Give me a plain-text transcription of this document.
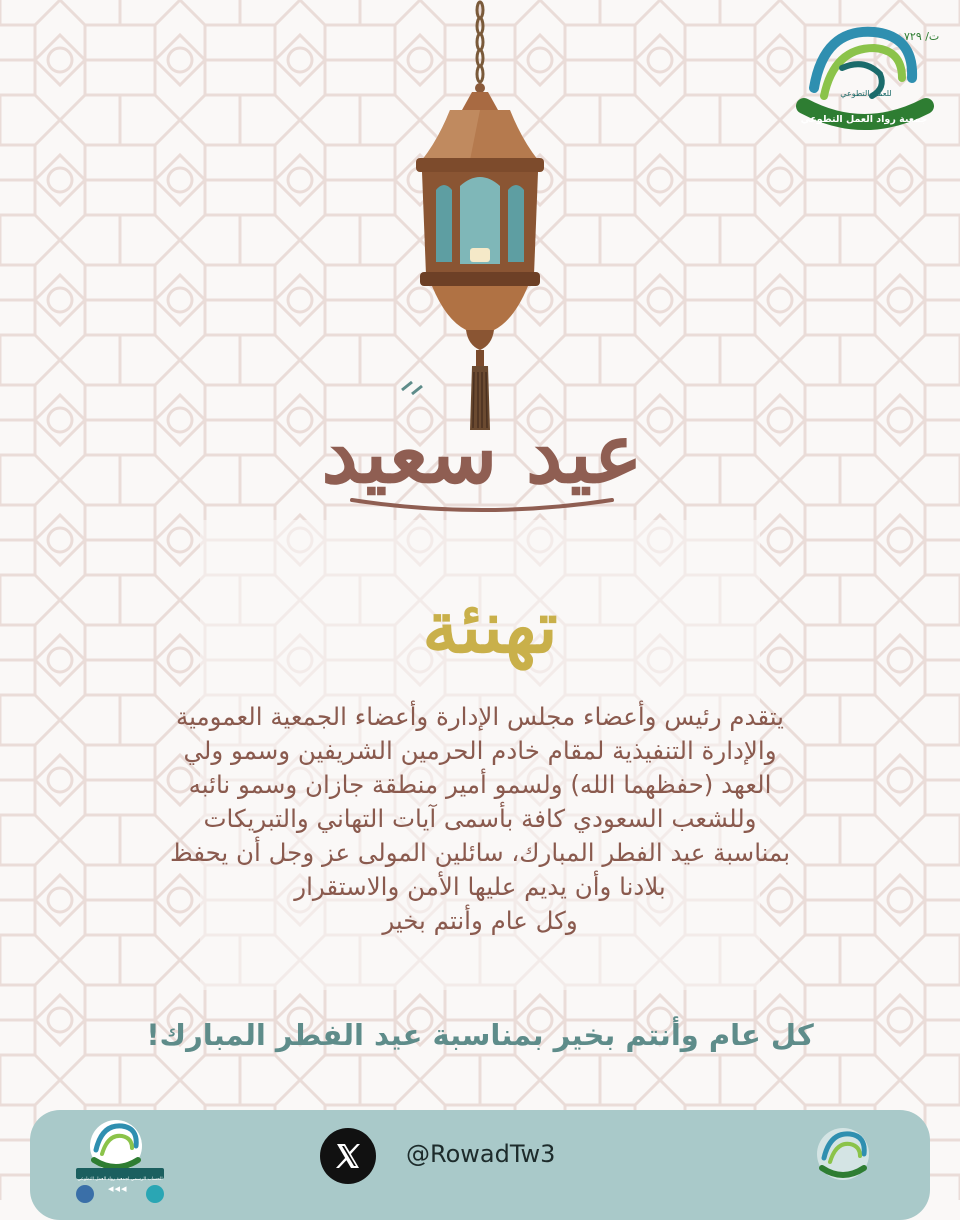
ت/ ٧٢٩
جمعية رواد العمل التطوعي
للعمل التطوعي
عيد سعيد
تهنئة
يتقدم رئيس وأعضاء مجلس الإدارة وأعضاء الجمعية العمومية
والإدارة التنفيذية لمقام خادم الحرمين الشريفين وسمو ولي
العهد (حفظهما الله) ولسمو أمير منطقة جازان وسمو نائبه
وللشعب السعودي كافة بأسمى آيات التهاني والتبريكات
بمناسبة عيد الفطر المبارك، سائلين المولى عز وجل أن يحفظ
بلادنا وأن يديم عليها الأمن والاستقرار
وكل عام وأنتم بخير
كل عام وأنتم بخير بمناسبة عيد الفطر المبارك!
الحساب الرسمي لجمعية رواد العمل التطوعي
◂◂◂
@RowadTw3
